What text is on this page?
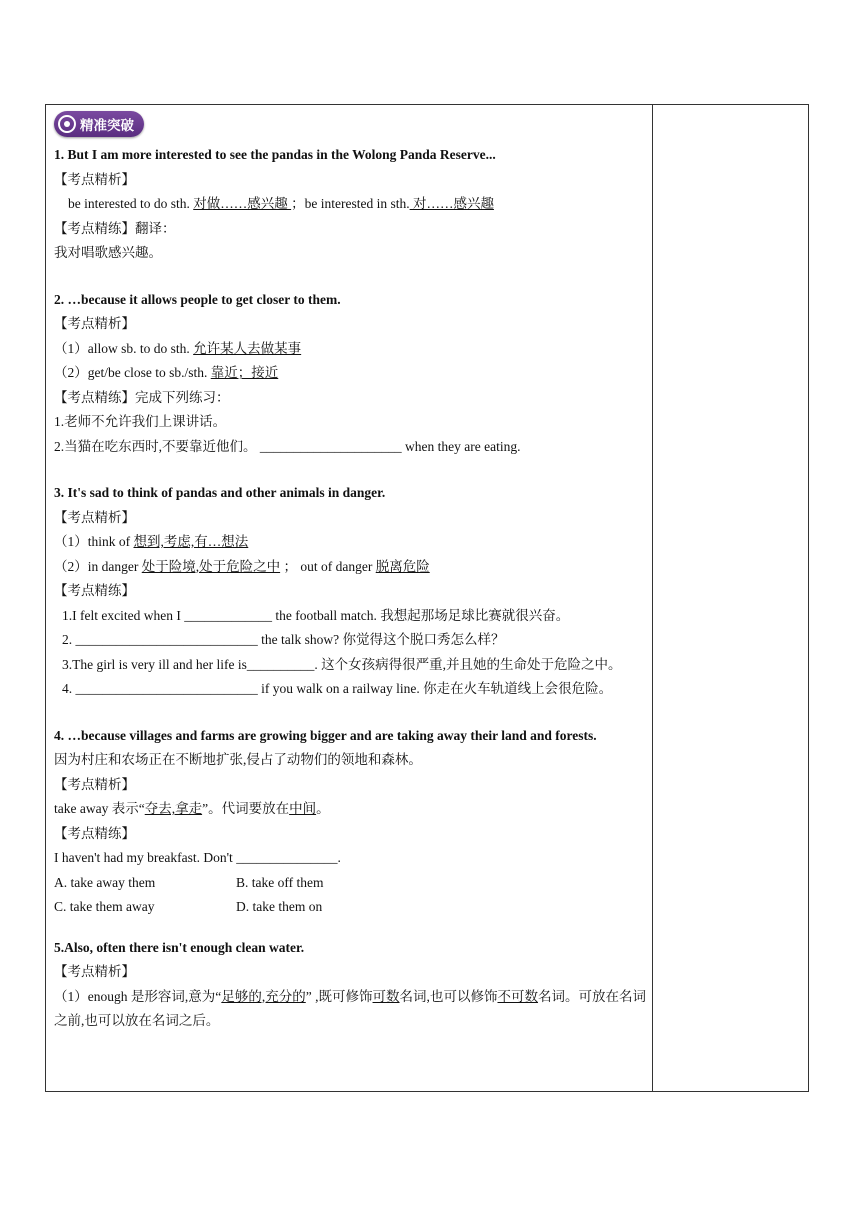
精准突破
1. But I am more interested to see the pandas in the Wolong Panda Reserve...
【考点精析】
be interested to do sth. 对做……感兴趣 ；be interested in sth. 对……感兴趣
【考点精练】翻译：
我对唱歌感兴趣。
2. …because it allows people to get closer to them.
【考点精析】
（1）allow sb. to do sth. 允许某人去做某事
（2）get/be close to sb./sth. 靠近；接近
【考点精练】完成下列练习：
1.老师不允许我们上课讲话。
2.当猫在吃东西时,不要靠近他们。 _____________________ when they are eating.
3. It's sad to think of pandas and other animals in danger.
【考点精析】
（1）think of 想到,考虑,有…想法
（2）in danger 处于险境,处于危险之中 ； out of danger 脱离危险
【考点精练】
1.I felt excited when I _____________ the football match. 我想起那场足球比赛就很兴奋。
2. ___________________________ the talk show? 你觉得这个脱口秀怎么样？
3.The girl is very ill and her life is__________. 这个女孩病得很严重,并且她的生命处于危险之中。
4. ___________________________ if you walk on a railway line. 你走在火车轨道线上会很危险。
4. …because villages and farms are growing bigger and are taking away their land and forests.
因为村庄和农场正在不断地扩张,侵占了动物们的领地和森林。
【考点精析】
take away 表示“夺去,拿走”。代词要放在中间。
【考点精练】
I haven't had my breakfast. Don't _______________.
A. take away them	B. take off them
C. take them away	D. take them on
5.Also, often there isn't enough clean water.
【考点精析】
（1）enough 是形容词,意为“足够的,充分的” ,既可修饰可数名词,也可以修饰不可数名词。可放在名词之前,也可以放在名词之后。
